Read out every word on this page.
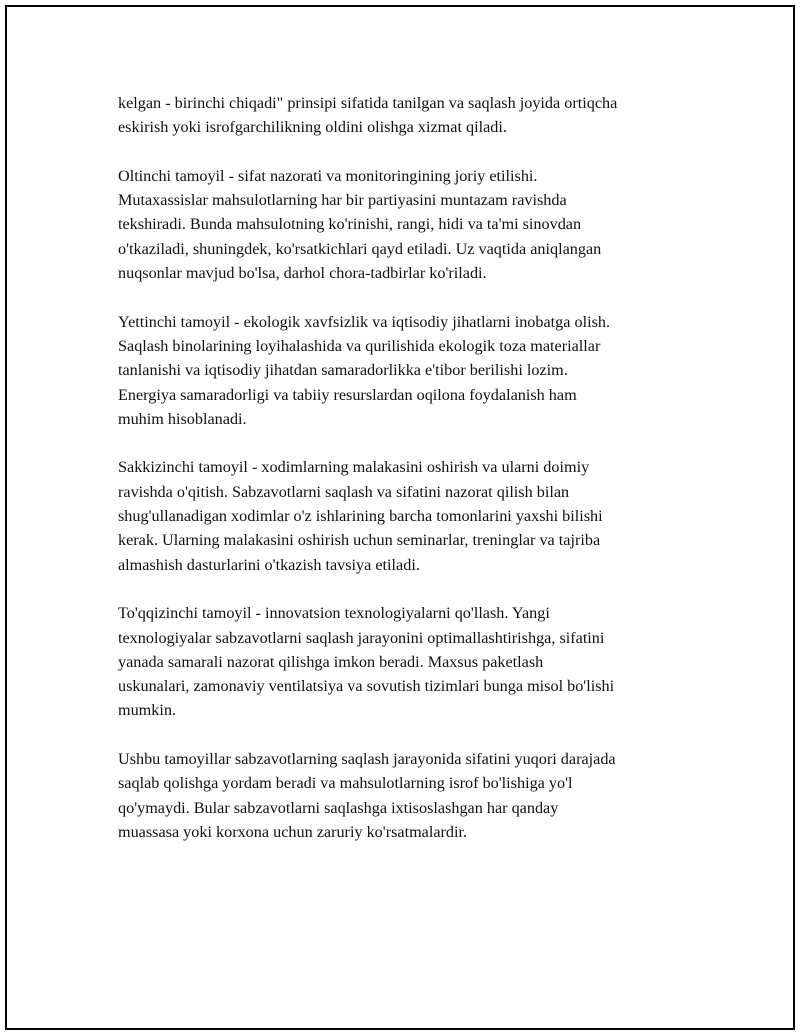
kelgan - birinchi chiqadi" prinsipi sifatida tanilgan va saqlash joyida ortiqcha
eskirish yoki isrofgarchilikning oldini olishga xizmat qiladi.

Oltinchi tamoyil - sifat nazorati va monitoringining joriy etilishi.
Mutaxassislar mahsulotlarning har bir partiyasini muntazam ravishda
tekshiradi. Bunda mahsulotning ko'rinishi, rangi, hidi va ta'mi sinovdan
o'tkaziladi, shuningdek, ko'rsatkichlari qayd etiladi. Uz vaqtida aniqlangan
nuqsonlar mavjud bo'lsa, darhol chora-tadbirlar ko'riladi.

Yettinchi tamoyil - ekologik xavfsizlik va iqtisodiy jihatlarni inobatga olish.
Saqlash binolarining loyihalashida va qurilishida ekologik toza materiallar
tanlanishi va iqtisodiy jihatdan samaradorlikka e'tibor berilishi lozim.
Energiya samaradorligi va tabiiy resurslardan oqilona foydalanish ham
muhim hisoblanadi.

Sakkizinchi tamoyil - xodimlarning malakasini oshirish va ularni doimiy
ravishda o'qitish. Sabzavotlarni saqlash va sifatini nazorat qilish bilan
shug'ullanadigan xodimlar o'z ishlarining barcha tomonlarini yaxshi bilishi
kerak. Ularning malakasini oshirish uchun seminarlar, treninglar va tajriba
almashish dasturlarini o'tkazish tavsiya etiladi.

To'qqizinchi tamoyil - innovatsion texnologiyalarni qo'llash. Yangi
texnologiyalar sabzavotlarni saqlash jarayonini optimallashtirishga, sifatini
yanada samarali nazorat qilishga imkon beradi. Maxsus paketlash
uskunalari, zamonaviy ventilatsiya va sovutish tizimlari bunga misol bo'lishi
mumkin.

Ushbu tamoyillar sabzavotlarning saqlash jarayonida sifatini yuqori darajada
saqlab qolishga yordam beradi va mahsulotlarning isrof bo'lishiga yo'l
qo'ymaydi. Bular sabzavotlarni saqlashga ixtisoslashgan har qanday
muassasa yoki korxona uchun zaruriy ko'rsatmalardir.
